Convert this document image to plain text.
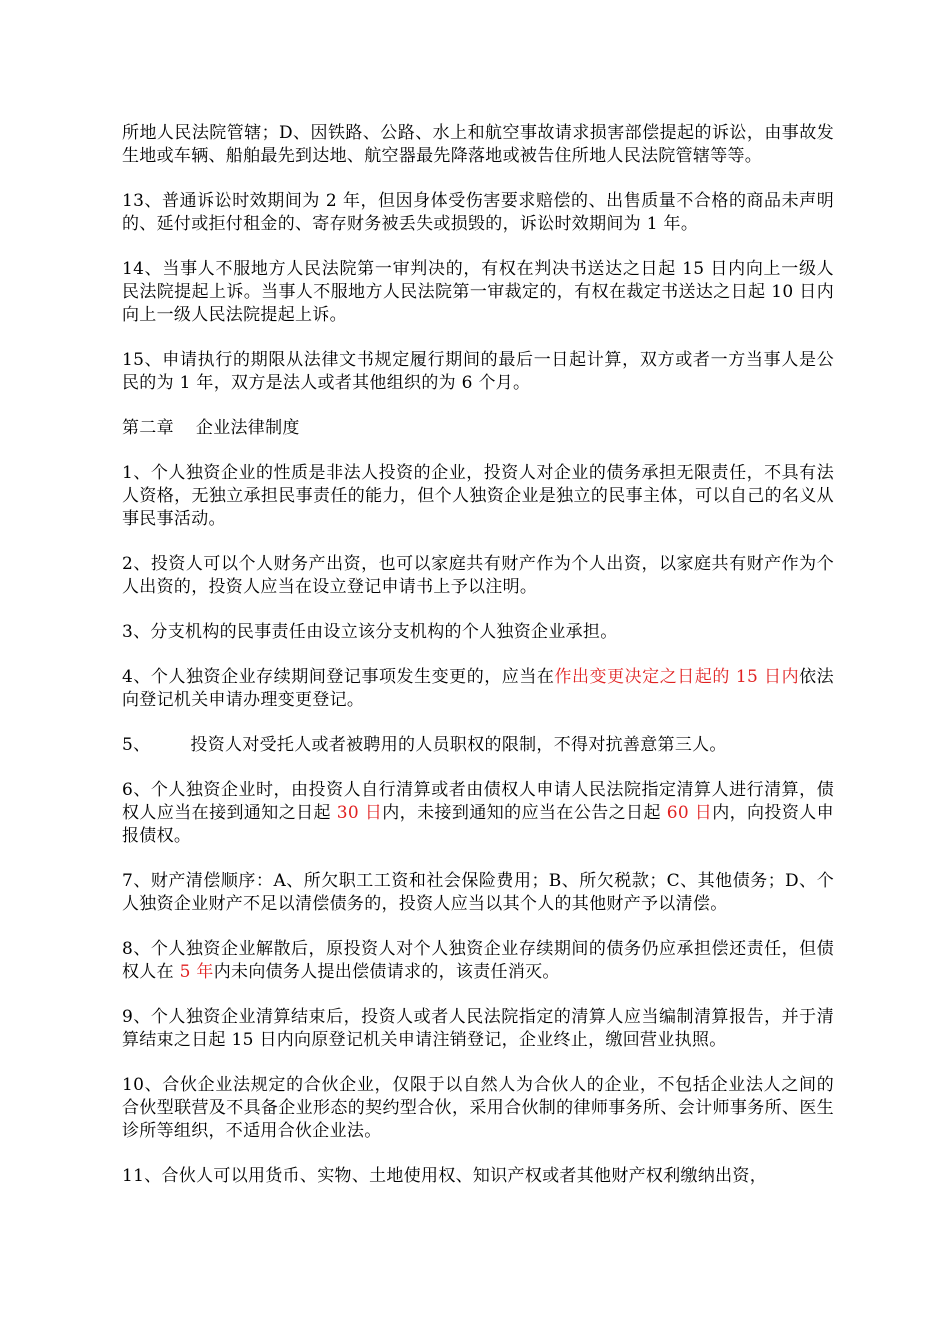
所地人民法院管辖；D、因铁路、公路、水上和航空事故请求损害部偿提起的诉讼，由事故发生地或车辆、船舶最先到达地、航空器最先降落地或被告住所地人民法院管辖等等。

13、普通诉讼时效期间为 2 年，但因身体受伤害要求赔偿的、出售质量不合格的商品未声明的、延付或拒付租金的、寄存财务被丢失或损毁的，诉讼时效期间为 1 年。

14、当事人不服地方人民法院第一审判决的，有权在判决书送达之日起 15 日内向上一级人民法院提起上诉。当事人不服地方人民法院第一审裁定的，有权在裁定书送达之日起 10 日内向上一级人民法院提起上诉。

15、申请执行的期限从法律文书规定履行期间的最后一日起计算，双方或者一方当事人是公民的为 1 年，双方是法人或者其他组织的为 6 个月。

第二章 企业法律制度

1、个人独资企业的性质是非法人投资的企业，投资人对企业的债务承担无限责任，不具有法人资格，无独立承担民事责任的能力，但个人独资企业是独立的民事主体，可以自己的名义从事民事活动。

2、投资人可以个人财务产出资，也可以家庭共有财产作为个人出资，以家庭共有财产作为个人出资的，投资人应当在设立登记申请书上予以注明。

3、分支机构的民事责任由设立该分支机构的个人独资企业承担。

4、个人独资企业存续期间登记事项发生变更的，应当在作出变更决定之日起的 15 日内依法向登记机关申请办理变更登记。

5、 投资人对受托人或者被聘用的人员职权的限制，不得对抗善意第三人。

6、个人独资企业时，由投资人自行清算或者由债权人申请人民法院指定清算人进行清算，债权人应当在接到通知之日起 30 日内，未接到通知的应当在公告之日起 60 日内，向投资人申报债权。

7、财产清偿顺序：A、所欠职工工资和社会保险费用；B、所欠税款；C、其他债务；D、个人独资企业财产不足以清偿债务的，投资人应当以其个人的其他财产予以清偿。

8、个人独资企业解散后，原投资人对个人独资企业存续期间的债务仍应承担偿还责任，但债权人在 5 年内未向债务人提出偿债请求的，该责任消灭。

9、个人独资企业清算结束后，投资人或者人民法院指定的清算人应当编制清算报告，并于清算结束之日起 15 日内向原登记机关申请注销登记，企业终止，缴回营业执照。

10、合伙企业法规定的合伙企业，仅限于以自然人为合伙人的企业，不包括企业法人之间的合伙型联营及不具备企业形态的契约型合伙，采用合伙制的律师事务所、会计师事务所、医生诊所等组织，不适用合伙企业法。

11、合伙人可以用货币、实物、土地使用权、知识产权或者其他财产权利缴纳出资，
